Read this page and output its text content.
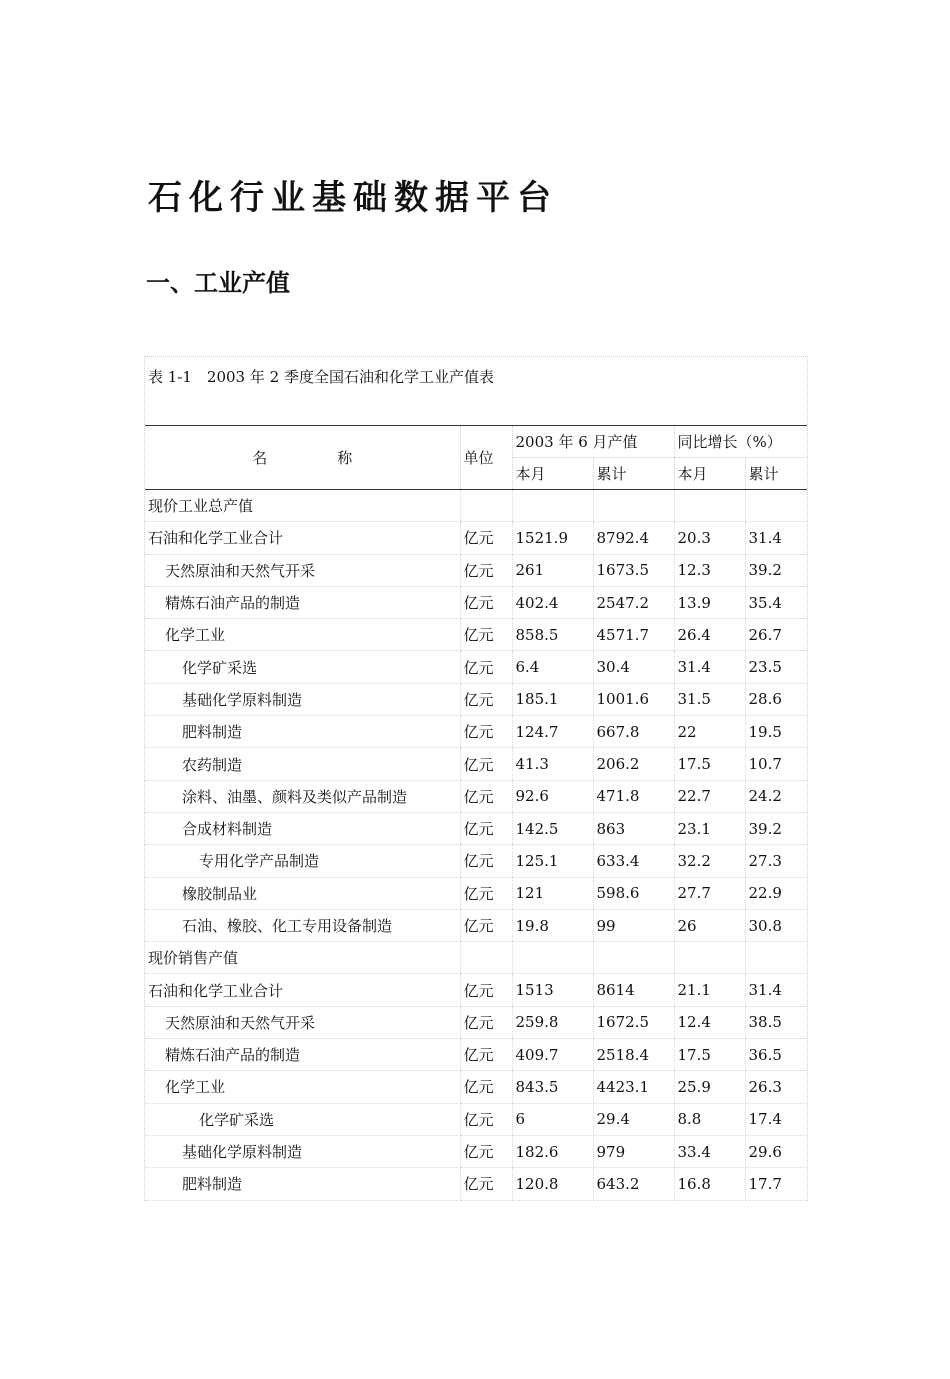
石化行业基础数据平台
一、工业产值
表 1-1　2003 年 2 季度全国石油和化学工业产值表
名 称	单位	2003 年 6 月产值		同比增长（%）	
		本月	累计	本月	累计
现价工业总产值					
石油和化学工业合计	亿元	1521.9	8792.4	20.3	31.4
天然原油和天然气开采	亿元	261	1673.5	12.3	39.2
精炼石油产品的制造	亿元	402.4	2547.2	13.9	35.4
化学工业	亿元	858.5	4571.7	26.4	26.7
化学矿采选	亿元	6.4	30.4	31.4	23.5
基础化学原料制造	亿元	185.1	1001.6	31.5	28.6
肥料制造	亿元	124.7	667.8	22	19.5
农药制造	亿元	41.3	206.2	17.5	10.7
涂料、油墨、颜料及类似产品制造	亿元	92.6	471.8	22.7	24.2
合成材料制造	亿元	142.5	863	23.1	39.2
专用化学产品制造	亿元	125.1	633.4	32.2	27.3
橡胶制品业	亿元	121	598.6	27.7	22.9
石油、橡胶、化工专用设备制造	亿元	19.8	99	26	30.8
现价销售产值					
石油和化学工业合计	亿元	1513	8614	21.1	31.4
天然原油和天然气开采	亿元	259.8	1672.5	12.4	38.5
精炼石油产品的制造	亿元	409.7	2518.4	17.5	36.5
化学工业	亿元	843.5	4423.1	25.9	26.3
化学矿采选	亿元	6	29.4	8.8	17.4
基础化学原料制造	亿元	182.6	979	33.4	29.6
肥料制造	亿元	120.8	643.2	16.8	17.7
